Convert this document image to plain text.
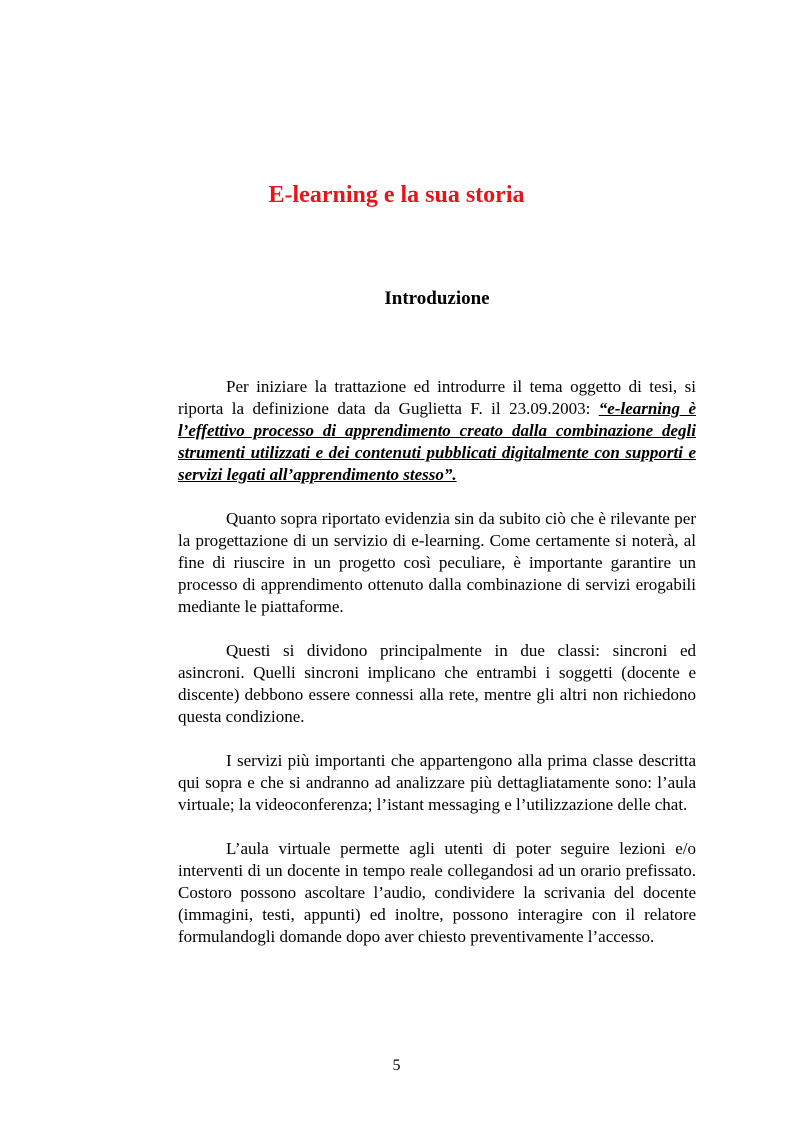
E-learning e la sua storia
Introduzione

Per iniziare la trattazione ed introdurre il tema oggetto di tesi, si riporta la definizione data da Guglietta F. il 23.09.2003: “e-learning è l’effettivo processo di apprendimento creato dalla combinazione degli strumenti utilizzati e dei contenuti pubblicati digitalmente con supporti e servizi legati all’apprendimento stesso”.

Quanto sopra riportato evidenzia sin da subito ciò che è rilevante per la progettazione di un servizio di e-learning. Come certamente si noterà, al fine di riuscire in un progetto così peculiare, è importante garantire un processo di apprendimento ottenuto dalla combinazione di servizi erogabili mediante le piattaforme.

Questi si dividono principalmente in due classi: sincroni ed asincroni. Quelli sincroni implicano che entrambi i soggetti (docente e discente) debbono essere connessi alla rete, mentre gli altri non richiedono questa condizione.

I servizi più importanti che appartengono alla prima classe descritta qui sopra e che si andranno ad analizzare più dettagliatamente sono: l’aula virtuale; la videoconferenza; l’istant messaging e l’utilizzazione delle chat.

L’aula virtuale permette agli utenti di poter seguire lezioni e/o interventi di un docente in tempo reale collegandosi ad un orario prefissato. Costoro possono ascoltare l’audio, condividere la scrivania del docente (immagini, testi, appunti) ed inoltre, possono interagire con il relatore formulandogli domande dopo aver chiesto preventivamente l’accesso.

5
